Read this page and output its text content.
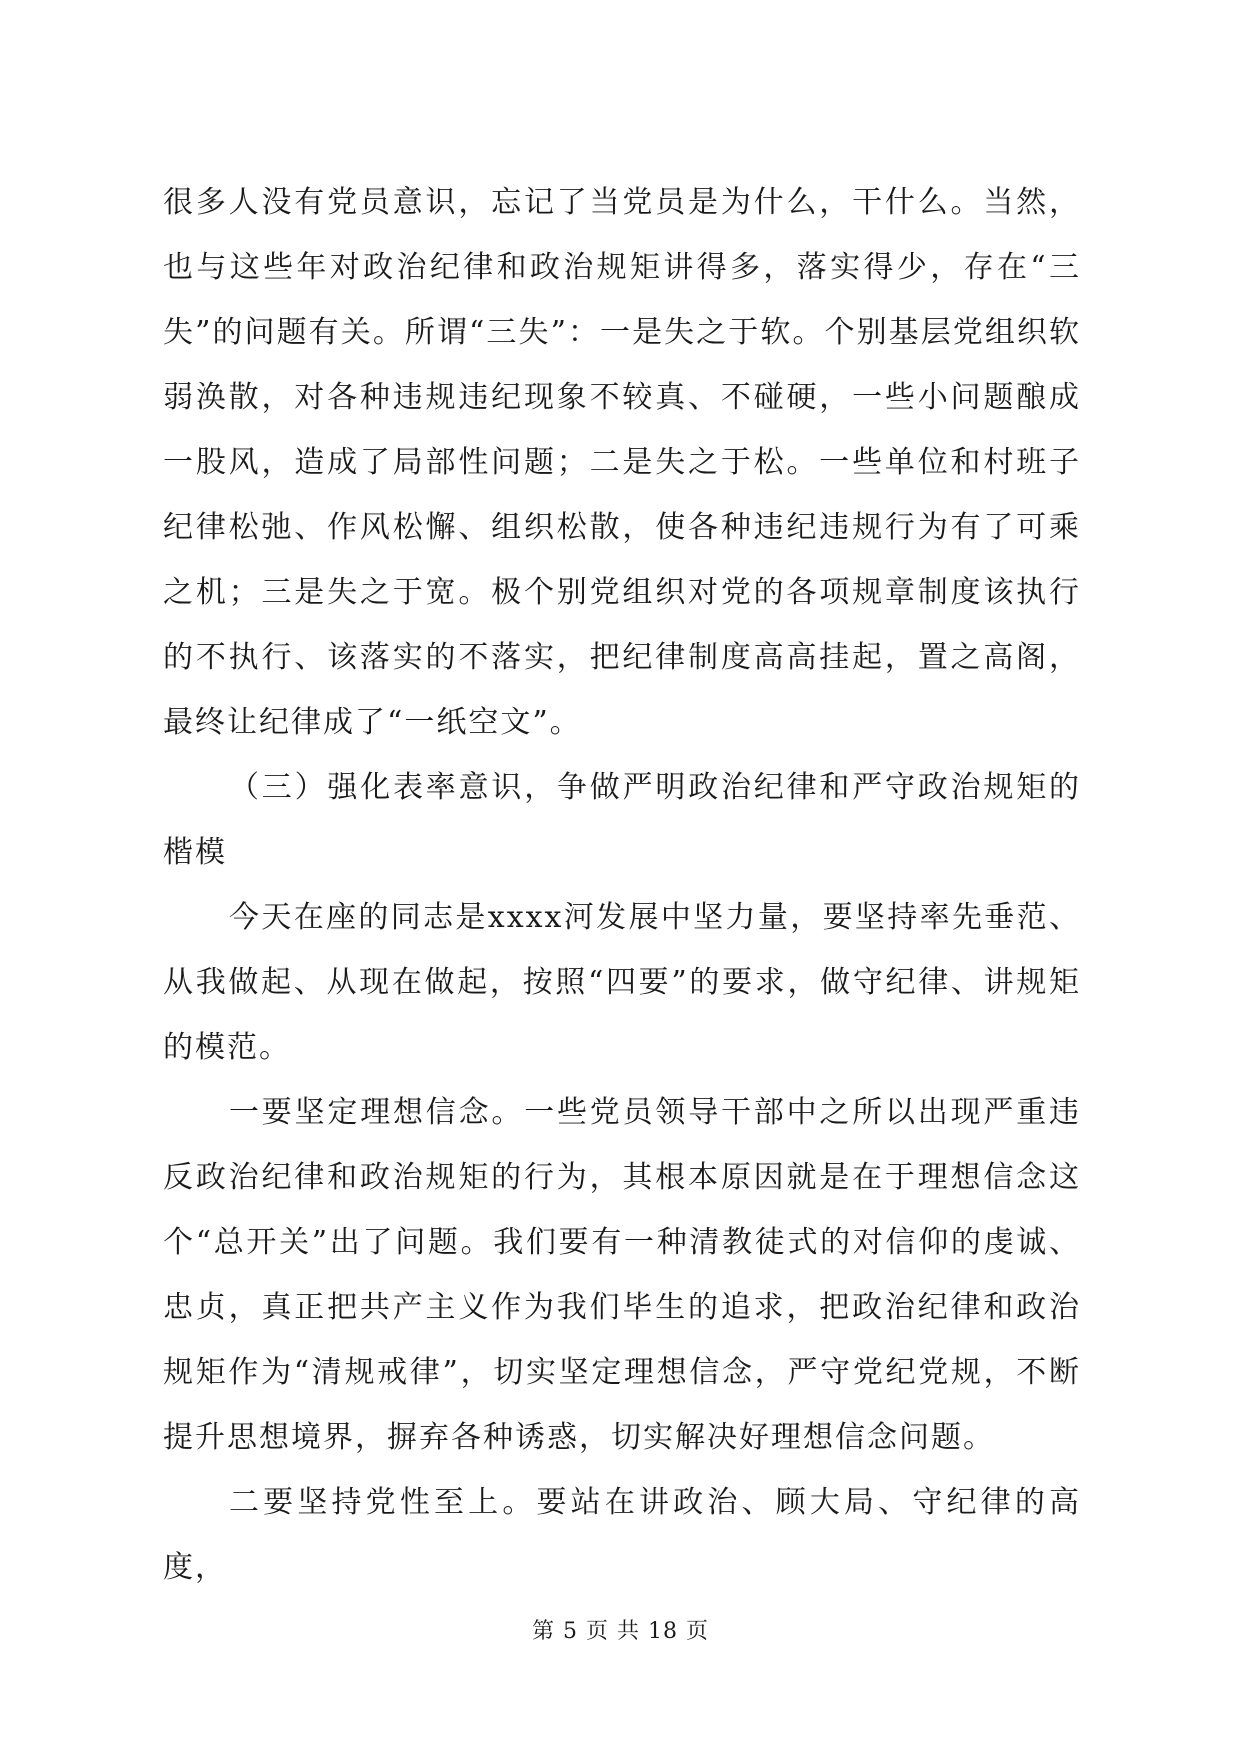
很多人没有党员意识，忘记了当党员是为什么，干什么。当然，也与这些年对政治纪律和政治规矩讲得多，落实得少，存在“三失”的问题有关。所谓“三失”：一是失之于软。个别基层党组织软弱涣散，对各种违规违纪现象不较真、不碰硬，一些小问题酿成一股风，造成了局部性问题；二是失之于松。一些单位和村班子纪律松弛、作风松懈、组织松散，使各种违纪违规行为有了可乘之机；三是失之于宽。极个别党组织对党的各项规章制度该执行的不执行、该落实的不落实，把纪律制度高高挂起，置之高阁，最终让纪律成了“一纸空文”。

（三）强化表率意识，争做严明政治纪律和严守政治规矩的楷模

今天在座的同志是xxxx河发展中坚力量，要坚持率先垂范、从我做起、从现在做起，按照“四要”的要求，做守纪律、讲规矩的模范。

一要坚定理想信念。一些党员领导干部中之所以出现严重违反政治纪律和政治规矩的行为，其根本原因就是在于理想信念这个“总开关”出了问题。我们要有一种清教徒式的对信仰的虔诚、忠贞，真正把共产主义作为我们毕生的追求，把政治纪律和政治规矩作为“清规戒律”，切实坚定理想信念，严守党纪党规，不断提升思想境界，摒弃各种诱惑，切实解决好理想信念问题。

二要坚持党性至上。要站在讲政治、顾大局、守纪律的高度，

第 5 页 共 18 页
